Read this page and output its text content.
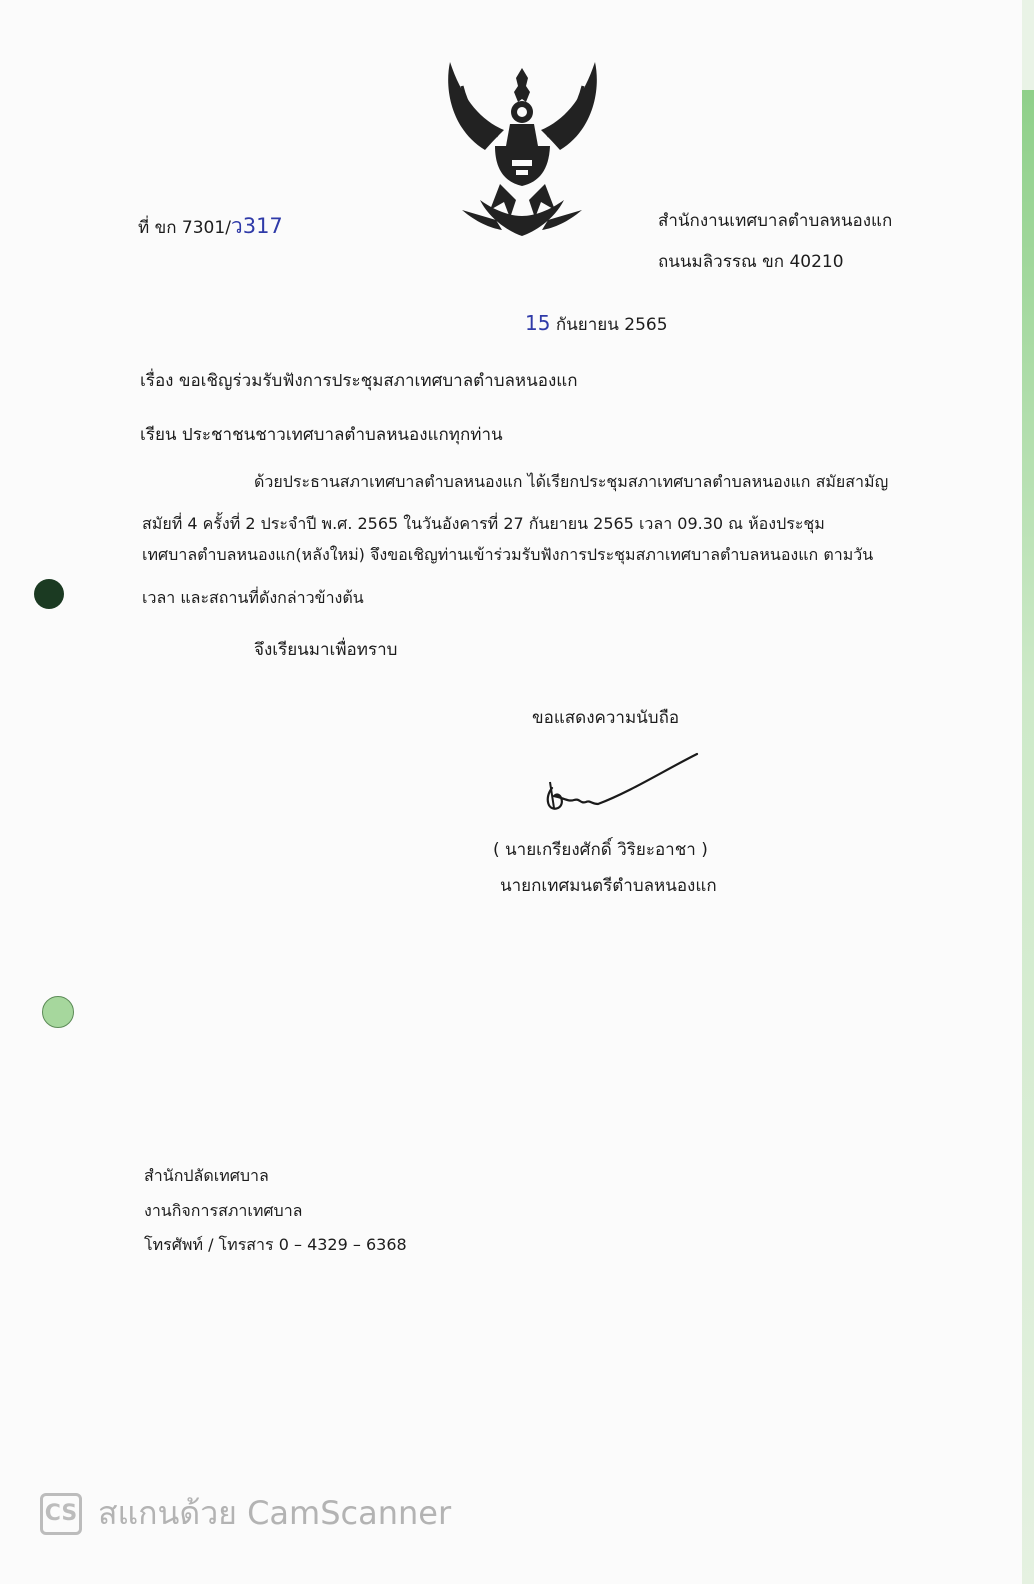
ที่ ขก 7301/ว317	สำนักงานเทศบาลตำบลหนองแก
ถนนมลิวรรณ ขก 40210
15 กันยายน 2565
เรื่อง ขอเชิญร่วมรับฟังการประชุมสภาเทศบาลตำบลหนองแก
เรียน ประชาชนชาวเทศบาลตำบลหนองแกทุกท่าน
ด้วยประธานสภาเทศบาลตำบลหนองแก ได้เรียกประชุมสภาเทศบาลตำบลหนองแก สมัยสามัญ
สมัยที่ 4 ครั้งที่ 2 ประจำปี พ.ศ. 2565 ในวันอังคารที่ 27 กันยายน 2565 เวลา 09.30 ณ ห้องประชุม
เทศบาลตำบลหนองแก(หลังใหม่) จึงขอเชิญท่านเข้าร่วมรับฟังการประชุมสภาเทศบาลตำบลหนองแก ตามวัน
เวลา และสถานที่ดังกล่าวข้างต้น
จึงเรียนมาเพื่อทราบ
ขอแสดงความนับถือ
( นายเกรียงศักดิ์ วิริยะอาชา )
นายกเทศมนตรีตำบลหนองแก
สำนักปลัดเทศบาล
งานกิจการสภาเทศบาล
โทรศัพท์ / โทรสาร 0 – 4329 – 6368
CS สแกนด้วย CamScanner
